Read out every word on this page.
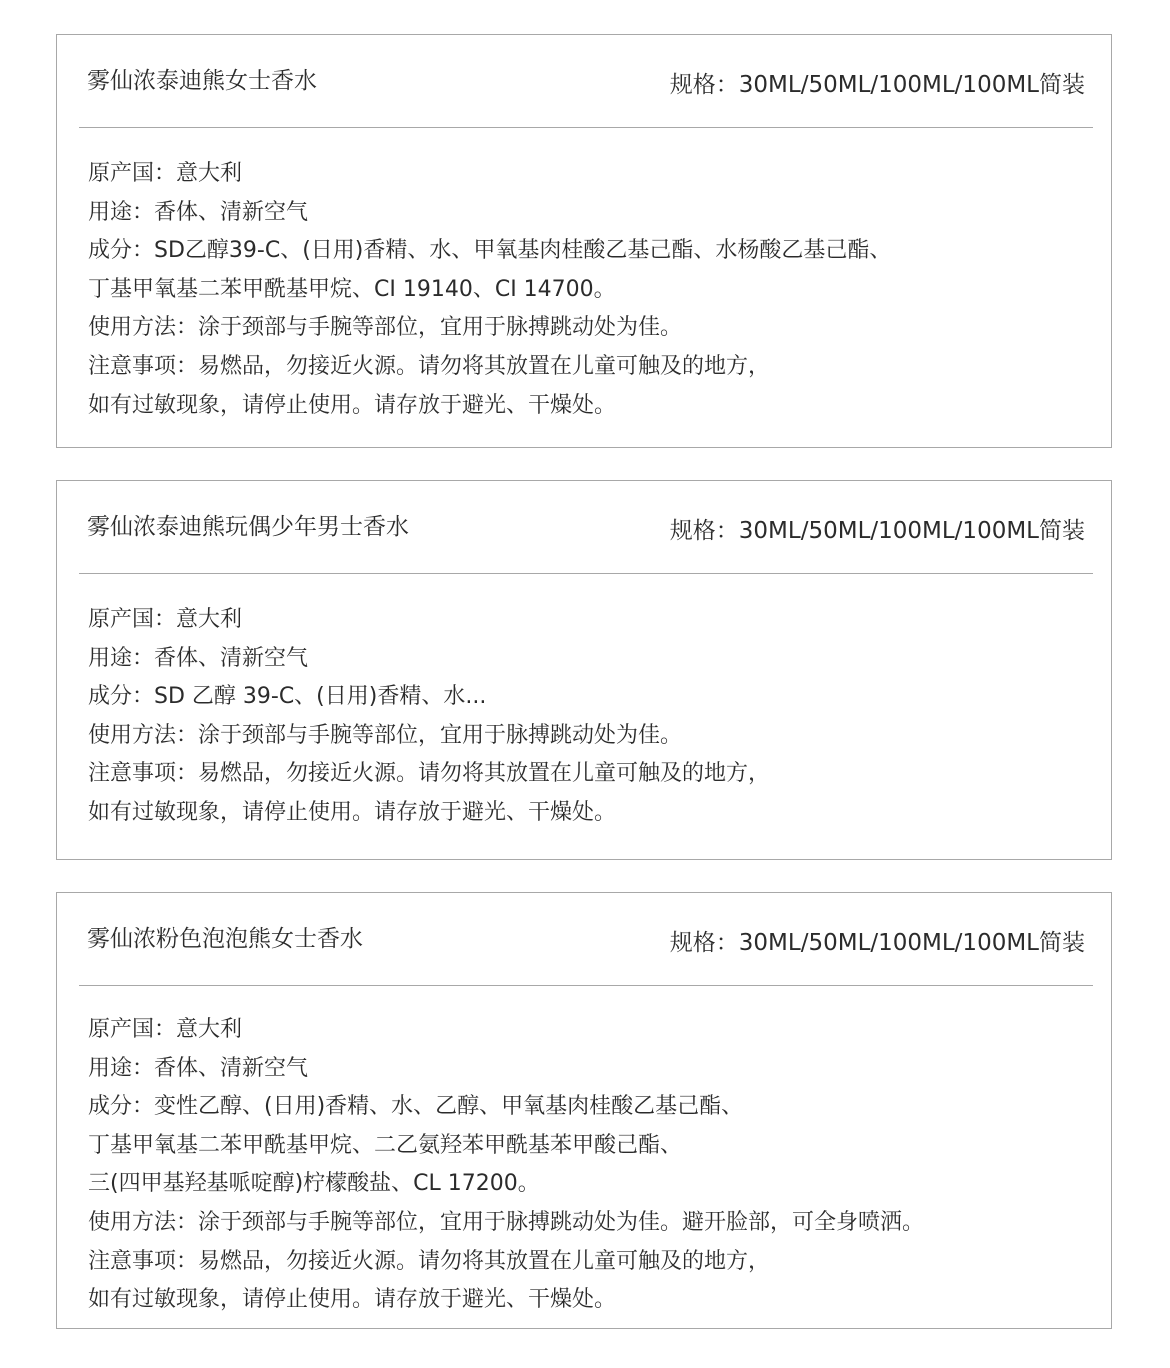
雾仙浓泰迪熊女士香水	规格：30ML/50ML/100ML/100ML简装
原产国：意大利
用途：香体、清新空气
成分：SD乙醇39-C、(日用)香精、水、甲氧基肉桂酸乙基己酯、水杨酸乙基己酯、
丁基甲氧基二苯甲酰基甲烷、CI 19140、CI 14700。
使用方法：涂于颈部与手腕等部位，宜用于脉搏跳动处为佳。
注意事项：易燃品，勿接近火源。请勿将其放置在儿童可触及的地方，
如有过敏现象，请停止使用。请存放于避光、干燥处。
雾仙浓泰迪熊玩偶少年男士香水	规格：30ML/50ML/100ML/100ML简装
原产国：意大利
用途：香体、清新空气
成分：SD 乙醇 39-C、(日用)香精、水...
使用方法：涂于颈部与手腕等部位，宜用于脉搏跳动处为佳。
注意事项：易燃品，勿接近火源。请勿将其放置在儿童可触及的地方，
如有过敏现象，请停止使用。请存放于避光、干燥处。
雾仙浓粉色泡泡熊女士香水	规格：30ML/50ML/100ML/100ML简装
原产国：意大利
用途：香体、清新空气
成分：变性乙醇、(日用)香精、水、乙醇、甲氧基肉桂酸乙基己酯、
丁基甲氧基二苯甲酰基甲烷、二乙氨羟苯甲酰基苯甲酸己酯、
三(四甲基羟基哌啶醇)柠檬酸盐、CL 17200。
使用方法：涂于颈部与手腕等部位，宜用于脉搏跳动处为佳。避开脸部，可全身喷洒。
注意事项：易燃品，勿接近火源。请勿将其放置在儿童可触及的地方，
如有过敏现象，请停止使用。请存放于避光、干燥处。
